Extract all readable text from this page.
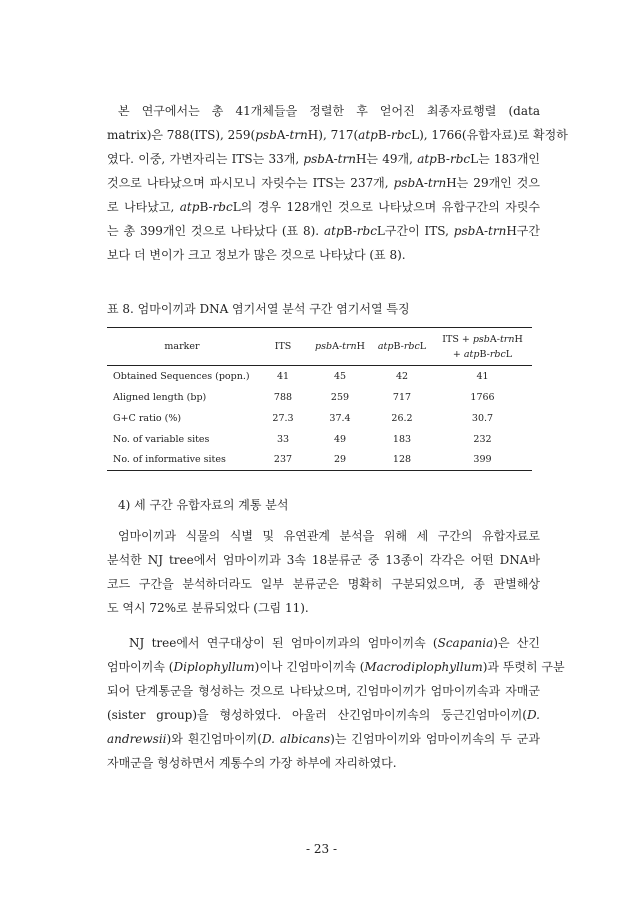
본 연구에서는 총 41개체들을 정렬한 후 얻어진 최종자료행렬 (data
matrix)은 788(ITS), 259(psbA-trnH), 717(atpB-rbcL), 1766(유합자료)로 확정하
였다. 이중, 가변자리는 ITS는 33개, psbA-trnH는 49개, atpB-rbcL는 183개인
것으로 나타났으며 파시모니 자릿수는 ITS는 237개, psbA-trnH는 29개인 것으
로 나타났고, atpB-rbcL의 경우 128개인 것으로 나타났으며 유합구간의 자릿수
는 총 399개인 것으로 나타났다 (표 8). atpB-rbcL구간이 ITS, psbA-trnH구간
보다 더 변이가 크고 정보가 많은 것으로 나타났다 (표 8).
표 8. 엄마이끼과 DNA 염기서열 분석 구간 염기서열 특징
marker	ITS	psbA-trnH	atpB-rbcL	ITS + psbA-trnH
+ atpB-rbcL
Obtained Sequences (popn.)	41	45	42	41
Aligned length (bp)	788	259	717	1766
G+C ratio (%)	27.3	37.4	26.2	30.7
No. of variable sites	33	49	183	232
No. of informative sites	237	29	128	399
4) 세 구간 유합자료의 계통 분석
엄마이끼과 식물의 식별 및 유연관계 분석을 위해 세 구간의 유합자료로
분석한 NJ tree에서 엄마이끼과 3속 18분류군 중 13종이 각각은 어떤 DNA바
코드 구간을 분석하더라도 일부 분류군은 명확히 구분되었으며, 종 판별해상
도 역시 72%로 분류되었다 (그림 11).
NJ tree에서 연구대상이 된 엄마이끼과의 엄마이끼속 (Scapania)은 산긴
엄마이끼속 (Diplophyllum)이나 긴엄마이끼속 (Macrodiplophyllum)과 뚜렷히 구분
되어 단계통군을 형성하는 것으로 나타났으며, 긴엄마이끼가 엄마이끼속과 자매군
(sister group)을 형성하였다. 아울러 산긴엄마이끼속의 둥근긴엄마이끼(D.
andrewsii)와 흰긴엄마이끼(D. albicans)는 긴엄마이끼와 엄마이끼속의 두 군과
자매군을 형성하면서 계통수의 가장 하부에 자리하였다.
- 23 -
